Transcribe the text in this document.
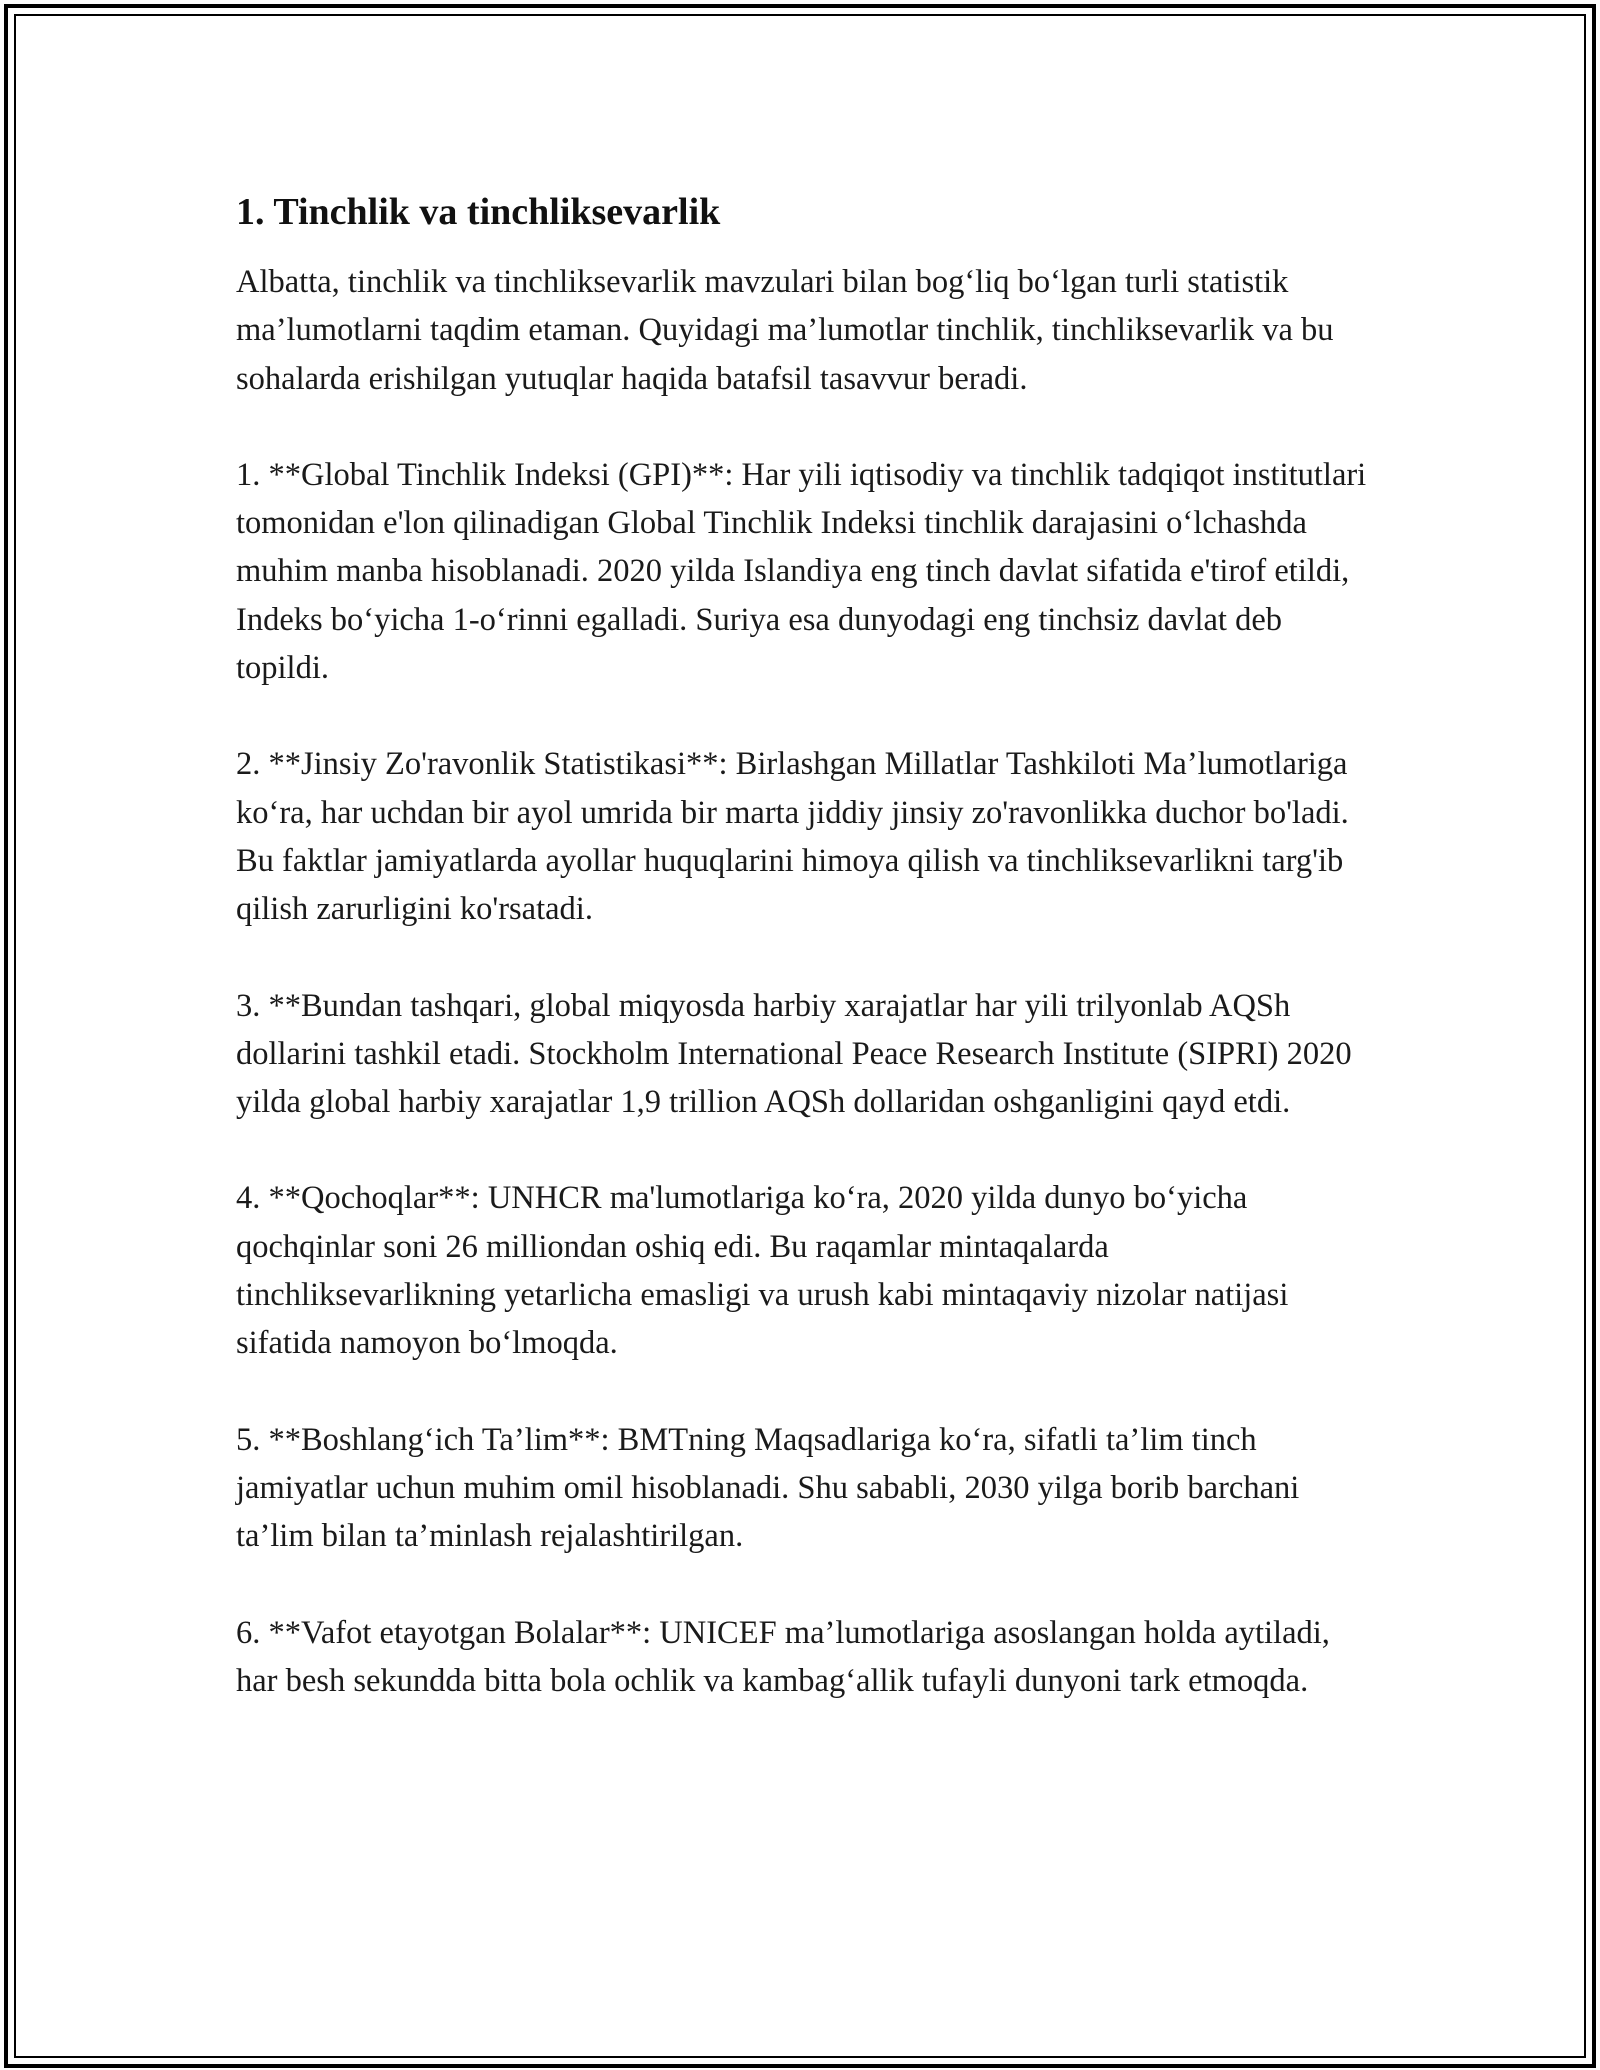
1. Tinchlik va tinchliksevarlik

Albatta, tinchlik va tinchliksevarlik mavzulari bilan bog‘liq bo‘lgan turli statistik ma’lumotlarni taqdim etaman. Quyidagi ma’lumotlar tinchlik, tinchliksevarlik va bu sohalarda erishilgan yutuqlar haqida batafsil tasavvur beradi.

1. **Global Tinchlik Indeksi (GPI)**: Har yili iqtisodiy va tinchlik tadqiqot institutlari tomonidan e'lon qilinadigan Global Tinchlik Indeksi tinchlik darajasini o‘lchashda muhim manba hisoblanadi. 2020 yilda Islandiya eng tinch davlat sifatida e'tirof etildi, Indeks bo‘yicha 1-o‘rinni egalladi. Suriya esa dunyodagi eng tinchsiz davlat deb topildi.

2. **Jinsiy Zo'ravonlik Statistikasi**: Birlashgan Millatlar Tashkiloti Ma’lumotlariga ko‘ra, har uchdan bir ayol umrida bir marta jiddiy jinsiy zo'ravonlikka duchor bo'ladi. Bu faktlar jamiyatlarda ayollar huquqlarini himoya qilish va tinchliksevarlikni targ'ib qilish zarurligini ko'rsatadi.

3. **Bundan tashqari, global miqyosda harbiy xarajatlar har yili trilyonlab AQSh dollarini tashkil etadi. Stockholm International Peace Research Institute (SIPRI) 2020 yilda global harbiy xarajatlar 1,9 trillion AQSh dollaridan oshganligini qayd etdi.

4. **Qochoqlar**: UNHCR ma'lumotlariga ko‘ra, 2020 yilda dunyo bo‘yicha qochqinlar soni 26 milliondan oshiq edi. Bu raqamlar mintaqalarda tinchliksevarlikning yetarlicha emasligi va urush kabi mintaqaviy nizolar natijasi sifatida namoyon bo‘lmoqda.

5. **Boshlang‘ich Ta’lim**: BMTning Maqsadlariga ko‘ra, sifatli ta’lim tinch jamiyatlar uchun muhim omil hisoblanadi. Shu sababli, 2030 yilga borib barchani ta’lim bilan ta’minlash rejalashtirilgan.

6. **Vafot etayotgan Bolalar**: UNICEF ma’lumotlariga asoslangan holda aytiladi, har besh sekundda bitta bola ochlik va kambag‘allik tufayli dunyoni tark etmoqda.
